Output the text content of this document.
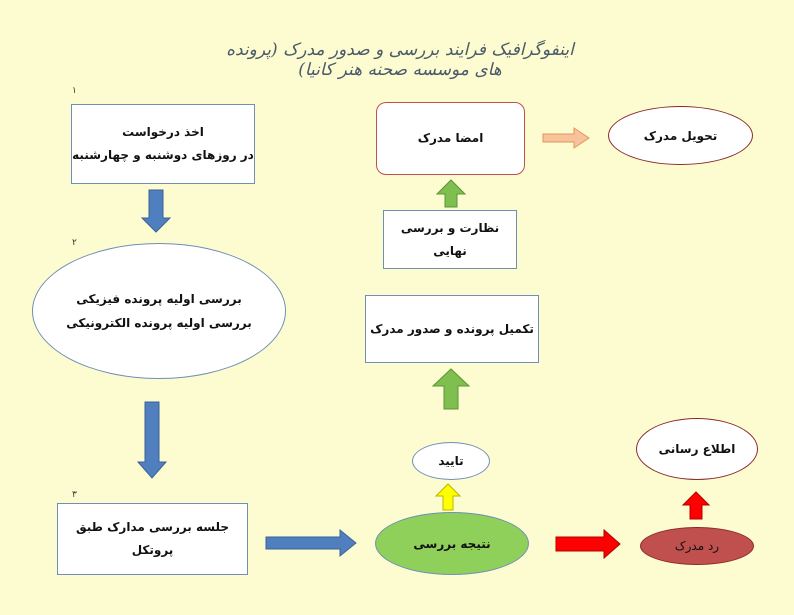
اینفوگرافیک فرایند بررسی و صدور مدرک (پرونده های موسسه صحنه هنر کانیا)
۱
اخذ درخواست
در روزهای دوشنبه و چهارشنبه
۲
بررسی اولیه پرونده فیزیکی
بررسی اولیه پرونده الکترونیکی
۳
جلسه بررسی مدارک طبق پروتکل	نتیجه بررسی
تایید
تکمیل پرونده و صدور مدرک
نظارت و بررسی نهایی
امضا مدرک	تحویل مدرک
رد مدرک
اطلاع رسانی
